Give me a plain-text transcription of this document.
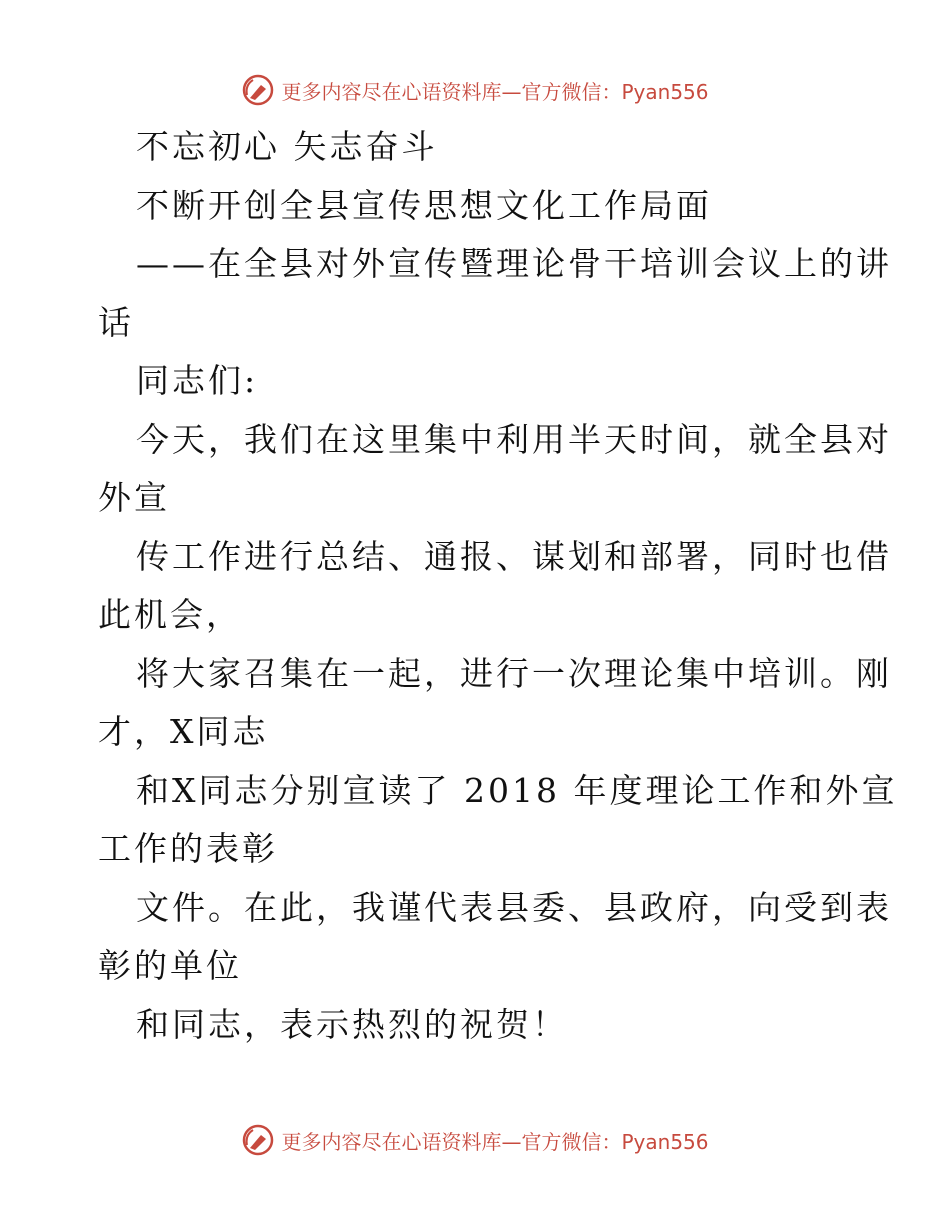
更多内容尽在心语资料库—官方微信：Pyan556
不忘初心 矢志奋斗
不断开创全县宣传思想文化工作局面
——在全县对外宣传暨理论骨干培训会议上的讲
话
同志们:
今天，我们在这里集中利用半天时间，就全县对
外宣
传工作进行总结、通报、谋划和部署，同时也借
此机会，
将大家召集在一起，进行一次理论集中培训。刚
才，X同志
和X同志分别宣读了 2018 年度理论工作和外宣
工作的表彰
文件。在此，我谨代表县委、县政府，向受到表
彰的单位
和同志，表示热烈的祝贺！
更多内容尽在心语资料库—官方微信：Pyan556
